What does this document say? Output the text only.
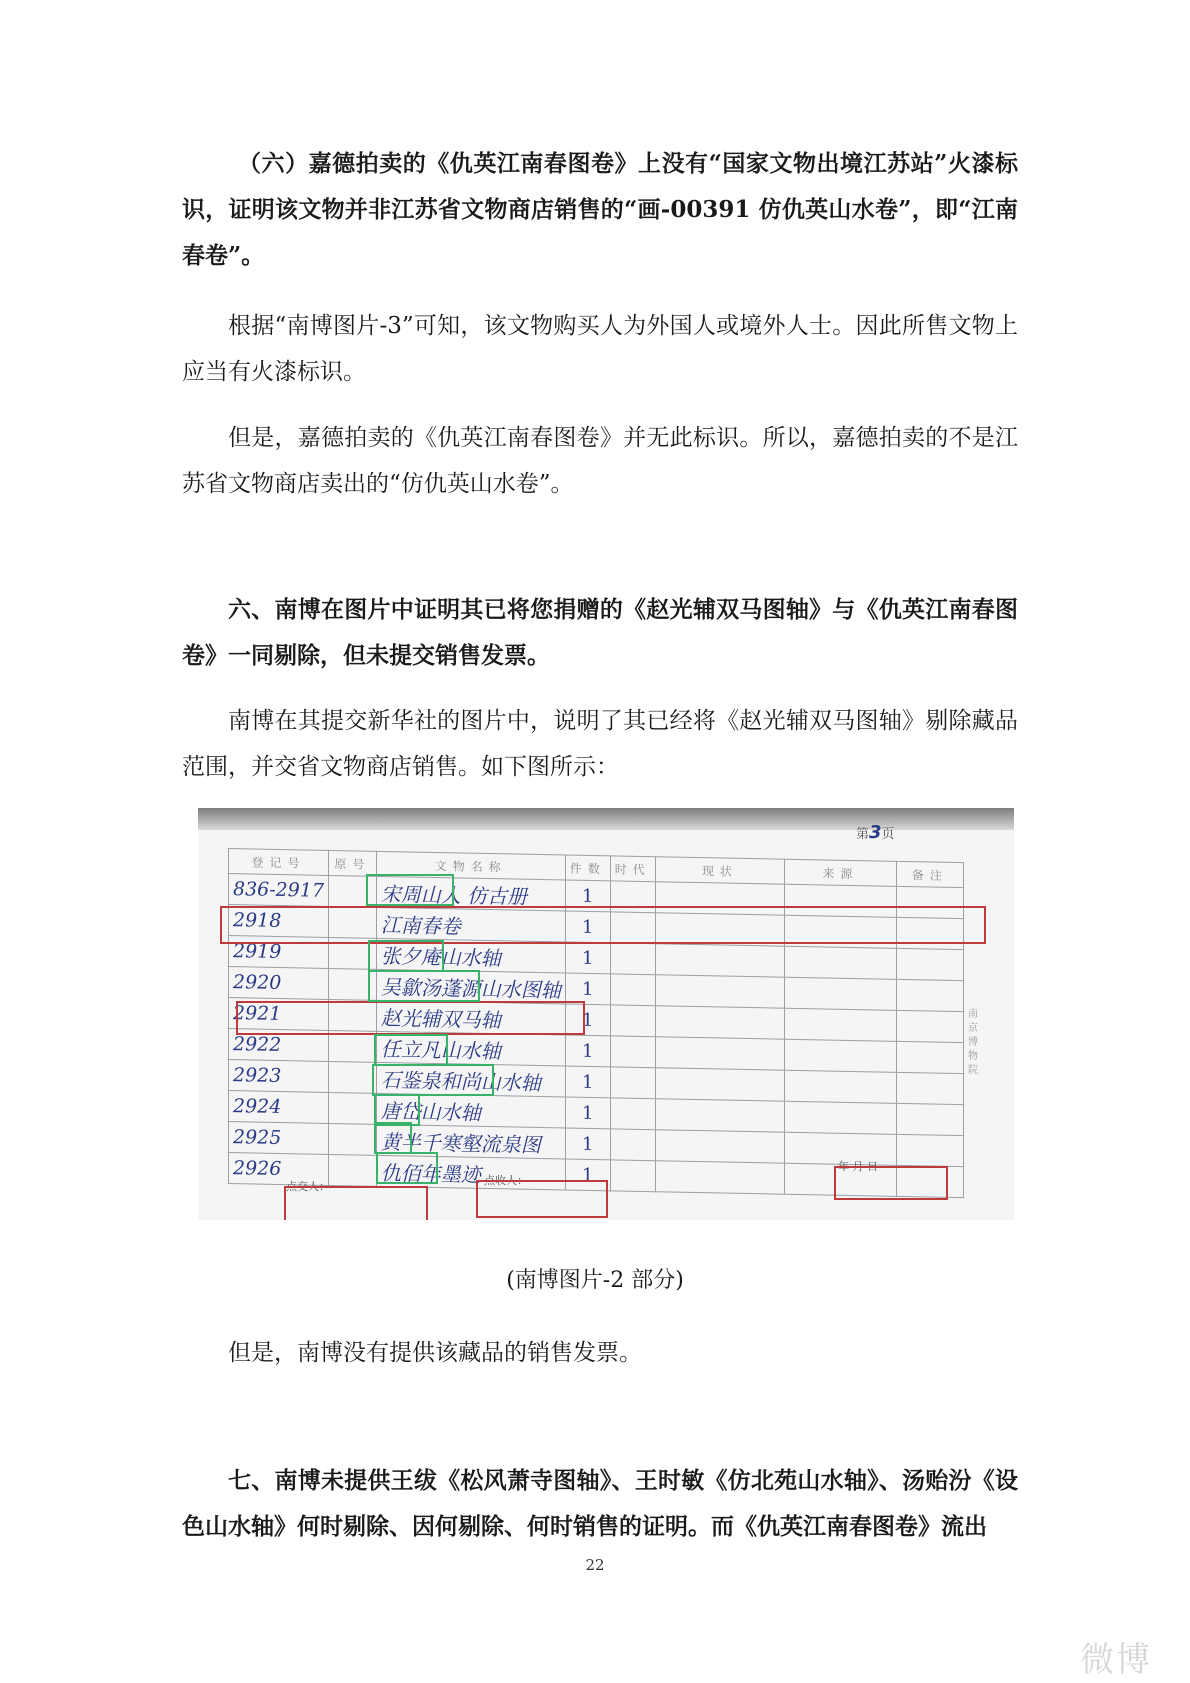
（六）嘉德拍卖的《仇英江南春图卷》上没有“国家文物出境江苏站”火漆标识，证明该文物并非江苏省文物商店销售的“画-00391 仿仇英山水卷”，即“江南春卷”。

根据“南博图片-3”可知，该文物购买人为外国人或境外人士。因此所售文物上应当有火漆标识。

但是，嘉德拍卖的《仇英江南春图卷》并无此标识。所以，嘉德拍卖的不是江苏省文物商店卖出的“仿仇英山水卷”。

六、南博在图片中证明其已将您捐赠的《赵光辅双马图轴》与《仇英江南春图卷》一同剔除，但未提交销售发票。

南博在其提交新华社的图片中，说明了其已经将《赵光辅双马图轴》剔除藏品范围，并交省文物商店销售。如下图所示：

第3页
登记号	原号	文物名称	件数	时代	现状	来源	备注
836-2917		宋周山人 仿古册	1				
2918		江南春卷	1				
2919		张夕庵山水轴	1				
2920		吴歙汤蓬源山水图轴	1				
2921		赵光辅双马轴	1				
2922		任立凡山水轴	1				
2923		石鉴泉和尚山水轴	1				
2924		唐岱山水轴	1				
2925		黄半千寒壑流泉图	1				
2926		仇佰年墨迹	1				
南京博物院
点交人：	点收人：
年 月 日
(南博图片-2 部分)

但是，南博没有提供该藏品的销售发票。

七、南博未提供王绂《松风萧寺图轴》、王时敏《仿北苑山水轴》、汤贻汾《设色山水轴》何时剔除、因何剔除、何时销售的证明。而《仇英江南春图卷》流出

22
微博
